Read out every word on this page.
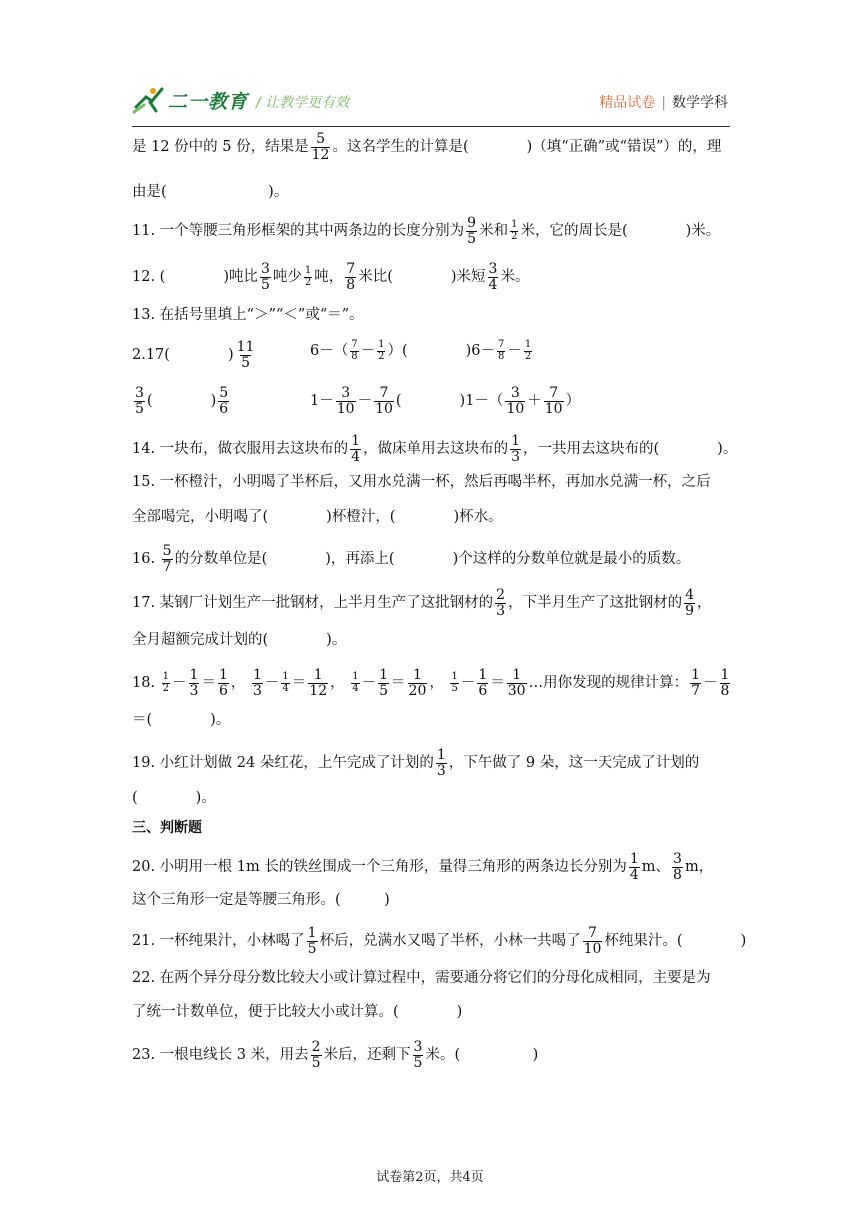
二一教育 / 让教学更有效	精品试卷 | 数学学科
是 12 份中的 5 份，结果是 $\frac{5}{12}$ 。这名学生的计算是(　　　　)（填“正确”或“错误”）的，理
由是(　　　　　　　)。
11. 一个等腰三角形框架的其中两条边的长度分别为 $\frac{9}{5}$ 米和 $\frac{1}{2}$ 米，它的周长是(　　　　)米。
12. (　　　　)吨比 $\frac{3}{5}$ 吨少 $\frac{1}{2}$ 吨， $\frac{7}{8}$ 米比(　　　　)米短 $\frac{3}{4}$ 米。
13. 在括号里填上“＞”“＜”或“＝”。
2.17(　　　　) $\frac{11}{5}$	$6-( \frac{7}{8} - \frac{1}{2}$ ）(　　　　)$6- \frac{7}{8} - \frac{1}{2}$
$\frac{3}{5}$ (　　　　) $\frac{5}{6}$	$1- \frac{3}{10} - \frac{7}{10}$ (　　　　)$1-( \frac{3}{10} + \frac{7}{10}$ ）
14. 一块布，做衣服用去这块布的 $\frac{1}{4}$ ，做床单用去这块布的 $\frac{1}{3}$ ，一共用去这块布的(　　　　)。
15. 一杯橙汁，小明喝了半杯后，又用水兑满一杯，然后再喝半杯，再加水兑满一杯，之后
全部喝完，小明喝了(　　　　)杯橙汁，(　　　　)杯水。
16. $\frac{5}{7}$ 的分数单位是(　　　　)，再添上(　　　　)个这样的分数单位就是最小的质数。
17. 某钢厂计划生产一批钢材，上半月生产了这批钢材的 $\frac{2}{3}$ ，下半月生产了这批钢材的 $\frac{4}{9}$ ，
全月超额完成计划的(　　　　)。
18. $\frac{1}{2} - \frac{1}{3} = \frac{1}{6}$ ， $\frac{1}{3} - \frac{1}{4} = \frac{1}{12}$ ， $\frac{1}{4} - \frac{1}{5} = \frac{1}{20}$ ， $\frac{1}{5} - \frac{1}{6} = \frac{1}{30}$ …用你发现的规律计算： $\frac{1}{7} - \frac{1}{8}$
＝(　　　　)。
19. 小红计划做 24 朵红花，上午完成了计划的 $\frac{1}{3}$ ，下午做了 9 朵，这一天完成了计划的
(　　　　)。
三、判断题
20. 小明用一根 1m 长的铁丝围成一个三角形，量得三角形的两条边长分别为 $\frac{1}{4}$ m、 $\frac{3}{8}$ m，
这个三角形一定是等腰三角形。(　　　)
21. 一杯纯果汁，小林喝了 $\frac{1}{5}$ 杯后，兑满水又喝了半杯，小林一共喝了 $\frac{7}{10}$ 杯纯果汁。(　　　　)
22. 在两个异分母分数比较大小或计算过程中，需要通分将它们的分母化成相同，主要是为
了统一计数单位，便于比较大小或计算。(　　　　)
23. 一根电线长 3 米，用去 $\frac{2}{5}$ 米后，还剩下 $\frac{3}{5}$ 米。(　　　　　)
试卷第2页，共4页
